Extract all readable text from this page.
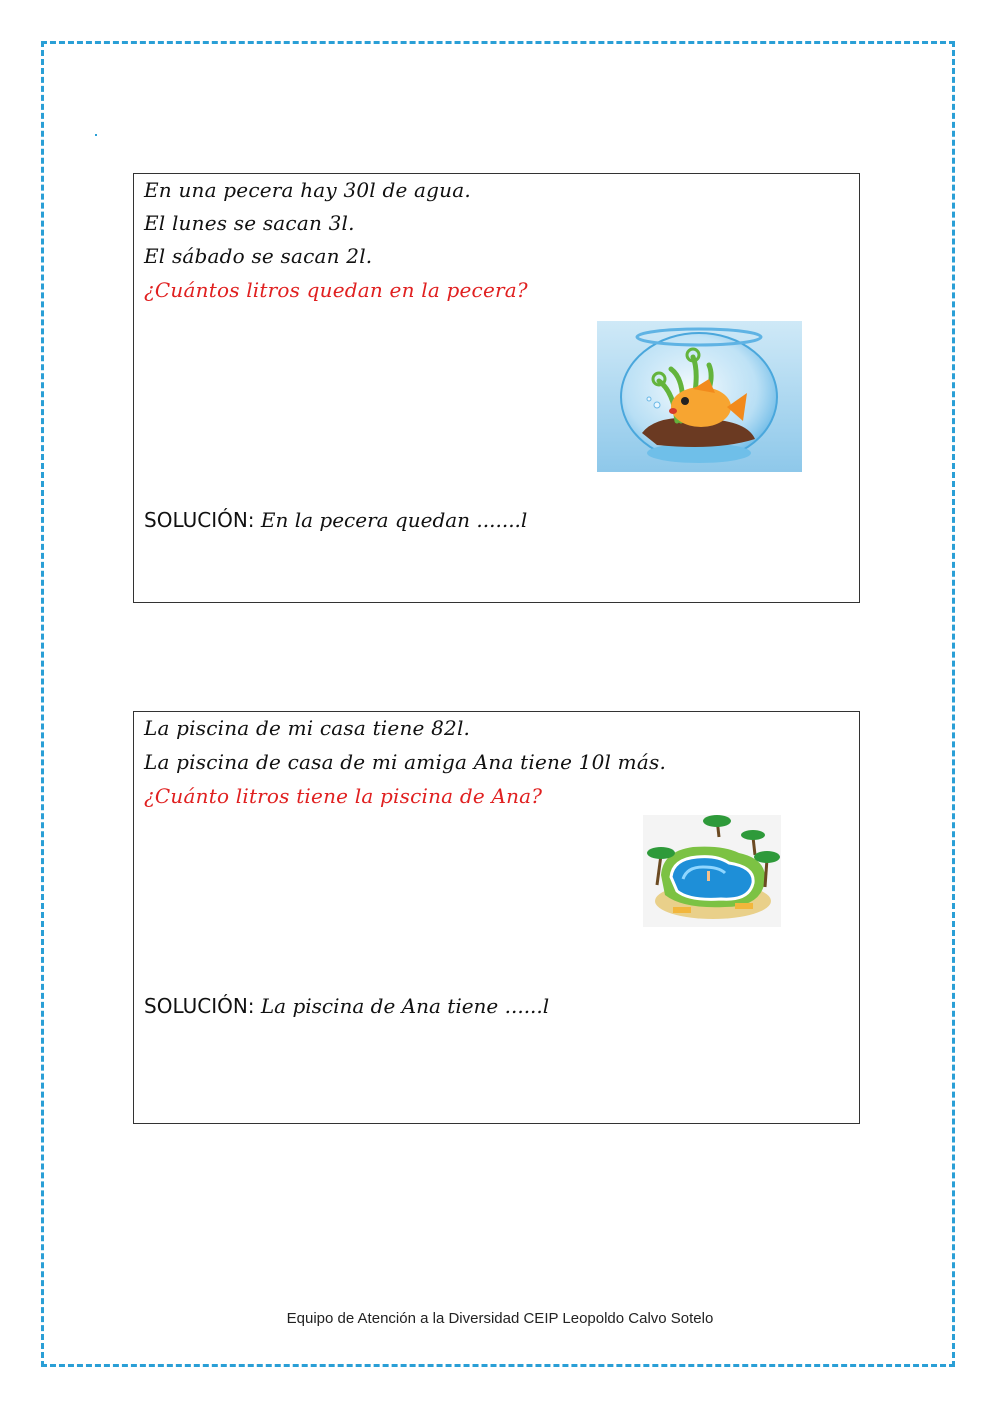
En una pecera hay 30l de agua.
El lunes se sacan 3l.
El sábado se sacan 2l.
¿Cuántos litros quedan en la pecera?
SOLUCIÓN: En la pecera quedan .......l
La piscina de mi casa tiene 82l.
La piscina de casa de mi amiga Ana tiene 10l más.
¿Cuánto litros tiene la piscina de Ana?
SOLUCIÓN: La piscina de Ana tiene ......l
Equipo de Atención a la Diversidad CEIP Leopoldo Calvo Sotelo
